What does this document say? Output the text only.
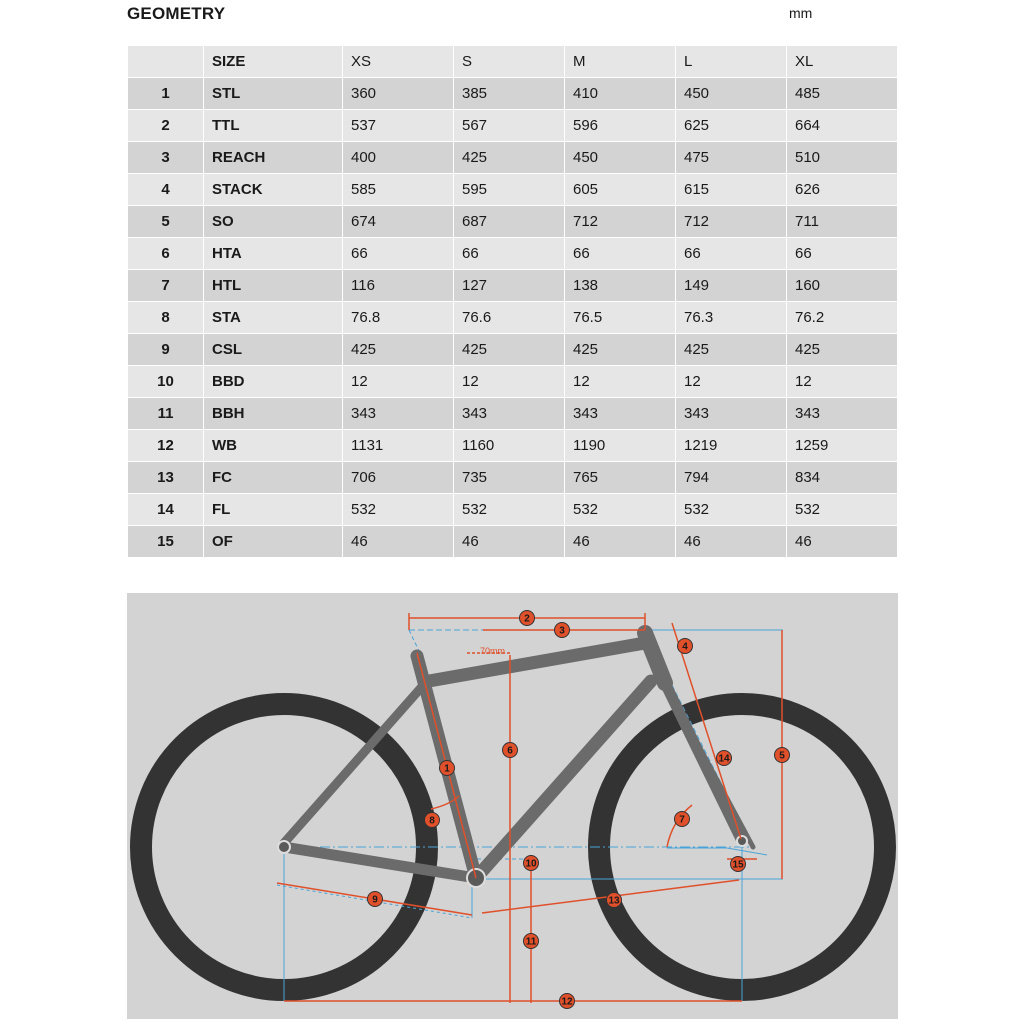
GEOMETRY	mm
	SIZE	XS	S	M	L	XL
1	STL	360	385	410	450	485
2	TTL	537	567	596	625	664
3	REACH	400	425	450	475	510
4	STACK	585	595	605	615	626
5	SO	674	687	712	712	711
6	HTA	66	66	66	66	66
7	HTL	116	127	138	149	160
8	STA	76.8	76.6	76.5	76.3	76.2
9	CSL	425	425	425	425	425
10	BBD	12	12	12	12	12
11	BBH	343	343	343	343	343
12	WB	1131	1160	1190	1219	1259
13	FC	706	735	765	794	834
14	FL	532	532	532	532	532
15	OF	46	46	46	46	46
70mm
1
2
3
4
5
6
7
8
9
10
11
12
13
14
15
